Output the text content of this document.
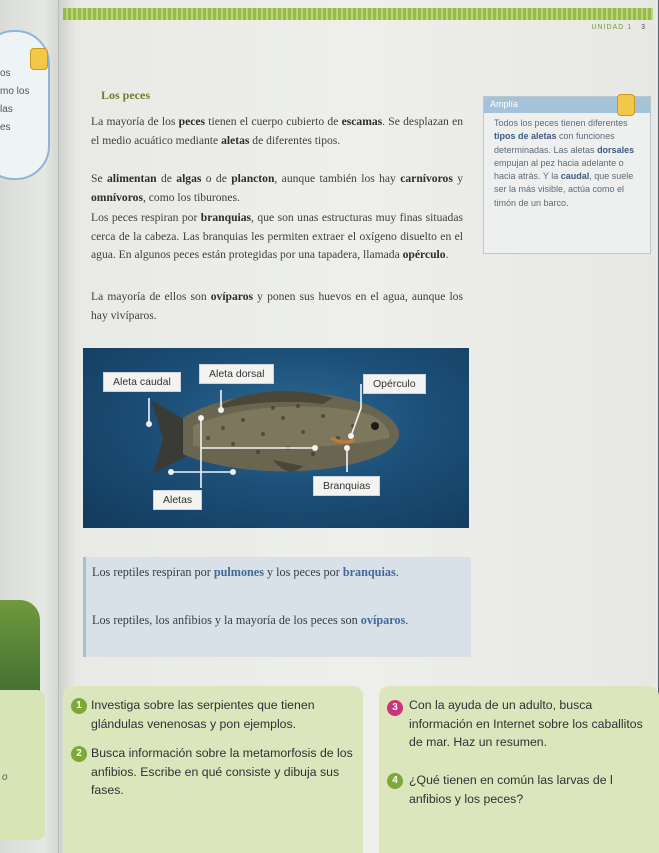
os
mo los
las
es
o
UNIDAD 1 3
Los peces

La mayoría de los peces tienen el cuerpo cubierto de escamas. Se desplazan en el medio acuático mediante aletas de diferentes tipos.

Se alimentan de algas o de plancton, aunque también los hay carnívoros y omnívoros, como los tiburones.

Los peces respiran por branquias, que son unas estructuras muy finas situadas cerca de la cabeza. Las branquias les permiten extraer el oxígeno disuelto en el agua. En algunos peces están protegidas por una tapadera, llamada opérculo.

La mayoría de ellos son ovíparos y ponen sus huevos en el agua, aunque los hay vivíparos.

Amplía
Todos los peces tienen diferentes tipos de aletas con funciones determinadas. Las aletas dorsales empujan al pez hacia adelante o hacia atrás. Y la caudal, que suele ser la más visible, actúa como el timón de un barco.
Aleta caudal
Aleta dorsal
Opérculo
Branquias
Aletas

Los reptiles respiran por pulmones y los peces por branquias.

Los reptiles, los anfibios y la mayoría de los peces son ovíparos.

1 Investiga sobre las serpientes que tienen glándulas venenosas y pon ejemplos.
2 Busca información sobre la metamorfosis de los anfibios. Escribe en qué consiste y dibuja sus fases.
3 Con la ayuda de un adulto, busca información en Internet sobre los caballitos de mar. Haz un resumen.
4 ¿Qué tienen en común las larvas de l anfibios y los peces?
